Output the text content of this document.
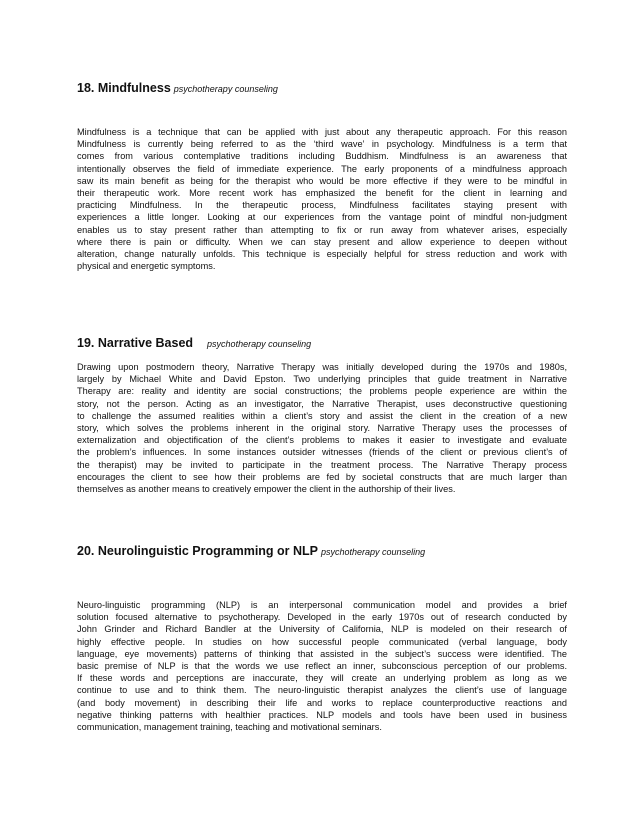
18. Mindfulness psychotherapy counseling

Mindfulness is a technique that can be applied with just about any therapeutic approach. For this reason
Mindfulness is currently being referred to as the ‘third wave’ in psychology. Mindfulness is a term that
comes from various contemplative traditions including Buddhism. Mindfulness is an awareness that
intentionally observes the field of immediate experience. The early proponents of a mindfulness approach
saw its main benefit as being for the therapist who would be more effective if they were to be mindful in
their therapeutic work. More recent work has emphasized the benefit for the client in learning and
practicing Mindfulness. In the therapeutic process, Mindfulness facilitates staying present with
experiences a little longer. Looking at our experiences from the vantage point of mindful non-judgment
enables us to stay present rather than attempting to fix or run away from whatever arises, especially
where there is pain or difficulty. When we can stay present and allow experience to deepen without
alteration, change naturally unfolds. This technique is especially helpful for stress reduction and work with
physical and energetic symptoms.

19. Narrative Based psychotherapy counseling

Drawing upon postmodern theory, Narrative Therapy was initially developed during the 1970s and 1980s,
largely by Michael White and David Epston. Two underlying principles that guide treatment in Narrative
Therapy are: reality and identity are social constructions; the problems people experience are within the
story, not the person. Acting as an investigator, the Narrative Therapist, uses deconstructive questioning
to challenge the assumed realities within a client’s story and assist the client in the creation of a new
story, which solves the problems inherent in the original story. Narrative Therapy uses the processes of
externalization and objectification of the client’s problems to makes it easier to investigate and evaluate
the problem’s influences. In some instances outsider witnesses (friends of the client or previous client’s of
the therapist) may be invited to participate in the treatment process. The Narrative Therapy process
encourages the client to see how their problems are fed by societal constructs that are much larger than
themselves as another means to creatively empower the client in the authorship of their lives.

20. Neurolinguistic Programming or NLP psychotherapy counseling

Neuro-linguistic programming (NLP) is an interpersonal communication model and provides a brief
solution focused alternative to psychotherapy. Developed in the early 1970s out of research conducted by
John Grinder and Richard Bandler at the University of California, NLP is modeled on their research of
highly effective people. In studies on how successful people communicated (verbal language, body
language, eye movements) patterns of thinking that assisted in the subject’s success were identified. The
basic premise of NLP is that the words we use reflect an inner, subconscious perception of our problems.
If these words and perceptions are inaccurate, they will create an underlying problem as long as we
continue to use and to think them. The neuro-linguistic therapist analyzes the client’s use of language
(and body movement) in describing their life and works to replace counterproductive reactions and
negative thinking patterns with healthier practices. NLP models and tools have been used in business
communication, management training, teaching and motivational seminars.
